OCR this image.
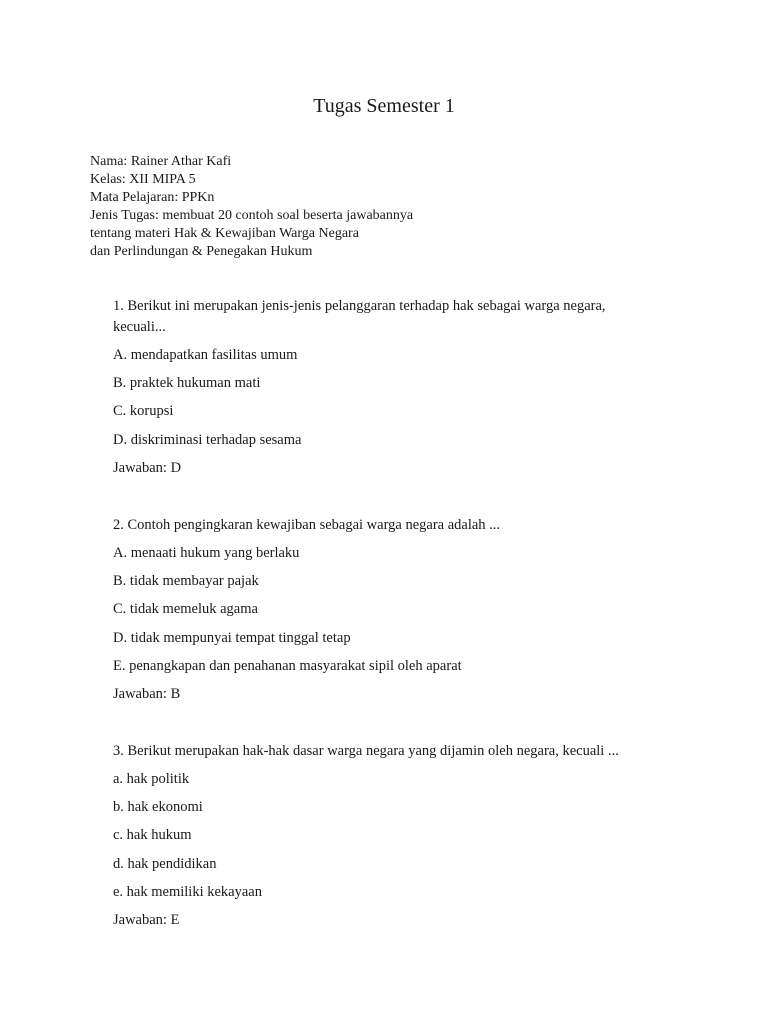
Tugas Semester 1
Nama: Rainer Athar Kafi
Kelas: XII MIPA 5
Mata Pelajaran: PPKn
Jenis Tugas: membuat 20 contoh soal beserta jawabannya
tentang materi Hak & Kewajiban Warga Negara
dan Perlindungan & Penegakan Hukum
1. Berikut ini merupakan jenis-jenis pelanggaran terhadap hak sebagai warga negara, kecuali...
A. mendapatkan fasilitas umum
B. praktek hukuman mati
C. korupsi
D. diskriminasi terhadap sesama
Jawaban: D
2. Contoh pengingkaran kewajiban sebagai warga negara adalah ...
A. menaati hukum yang berlaku
B. tidak membayar pajak
C. tidak memeluk agama
D. tidak mempunyai tempat tinggal tetap
E. penangkapan dan penahanan masyarakat sipil oleh aparat
Jawaban: B
3. Berikut merupakan hak-hak dasar warga negara yang dijamin oleh negara, kecuali ...
a. hak politik
b. hak ekonomi
c. hak hukum
d. hak pendidikan
e. hak memiliki kekayaan
Jawaban: E
